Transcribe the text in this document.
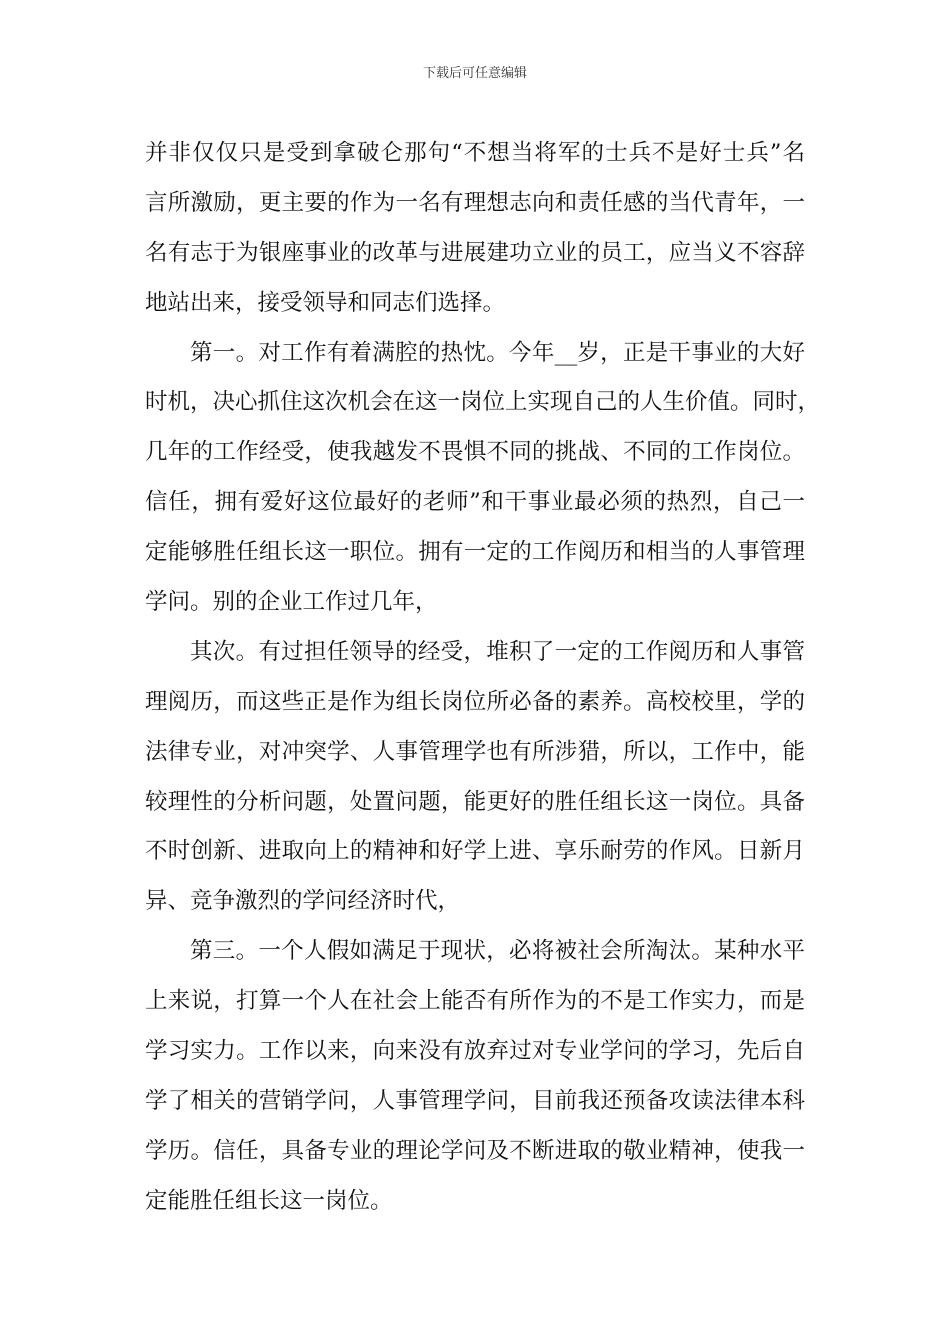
下载后可任意编辑
并非仅仅只是受到拿破仑那句“不想当将军的士兵不是好士兵”名
言所激励，更主要的作为一名有理想志向和责任感的当代青年，一
名有志于为银座事业的改革与进展建功立业的员工，应当义不容辞
地站出来，接受领导和同志们选择。
第一。对工作有着满腔的热忱。今年__岁，正是干事业的大好
时机，决心抓住这次机会在这一岗位上实现自己的人生价值。同时，
几年的工作经受，使我越发不畏惧不同的挑战、不同的工作岗位。
信任，拥有爱好这位最好的老师”和干事业最必须的热烈，自己一
定能够胜任组长这一职位。拥有一定的工作阅历和相当的人事管理
学问。别的企业工作过几年，
其次。有过担任领导的经受，堆积了一定的工作阅历和人事管
理阅历，而这些正是作为组长岗位所必备的素养。高校校里，学的
法律专业，对冲突学、人事管理学也有所涉猎，所以，工作中，能
较理性的分析问题，处置问题，能更好的胜任组长这一岗位。具备
不时创新、进取向上的精神和好学上进、享乐耐劳的作风。日新月
异、竞争激烈的学问经济时代，
第三。一个人假如满足于现状，必将被社会所淘汰。某种水平
上来说，打算一个人在社会上能否有所作为的不是工作实力，而是
学习实力。工作以来，向来没有放弃过对专业学问的学习，先后自
学了相关的营销学问，人事管理学问，目前我还预备攻读法律本科
学历。信任，具备专业的理论学问及不断进取的敬业精神，使我一
定能胜任组长这一岗位。
